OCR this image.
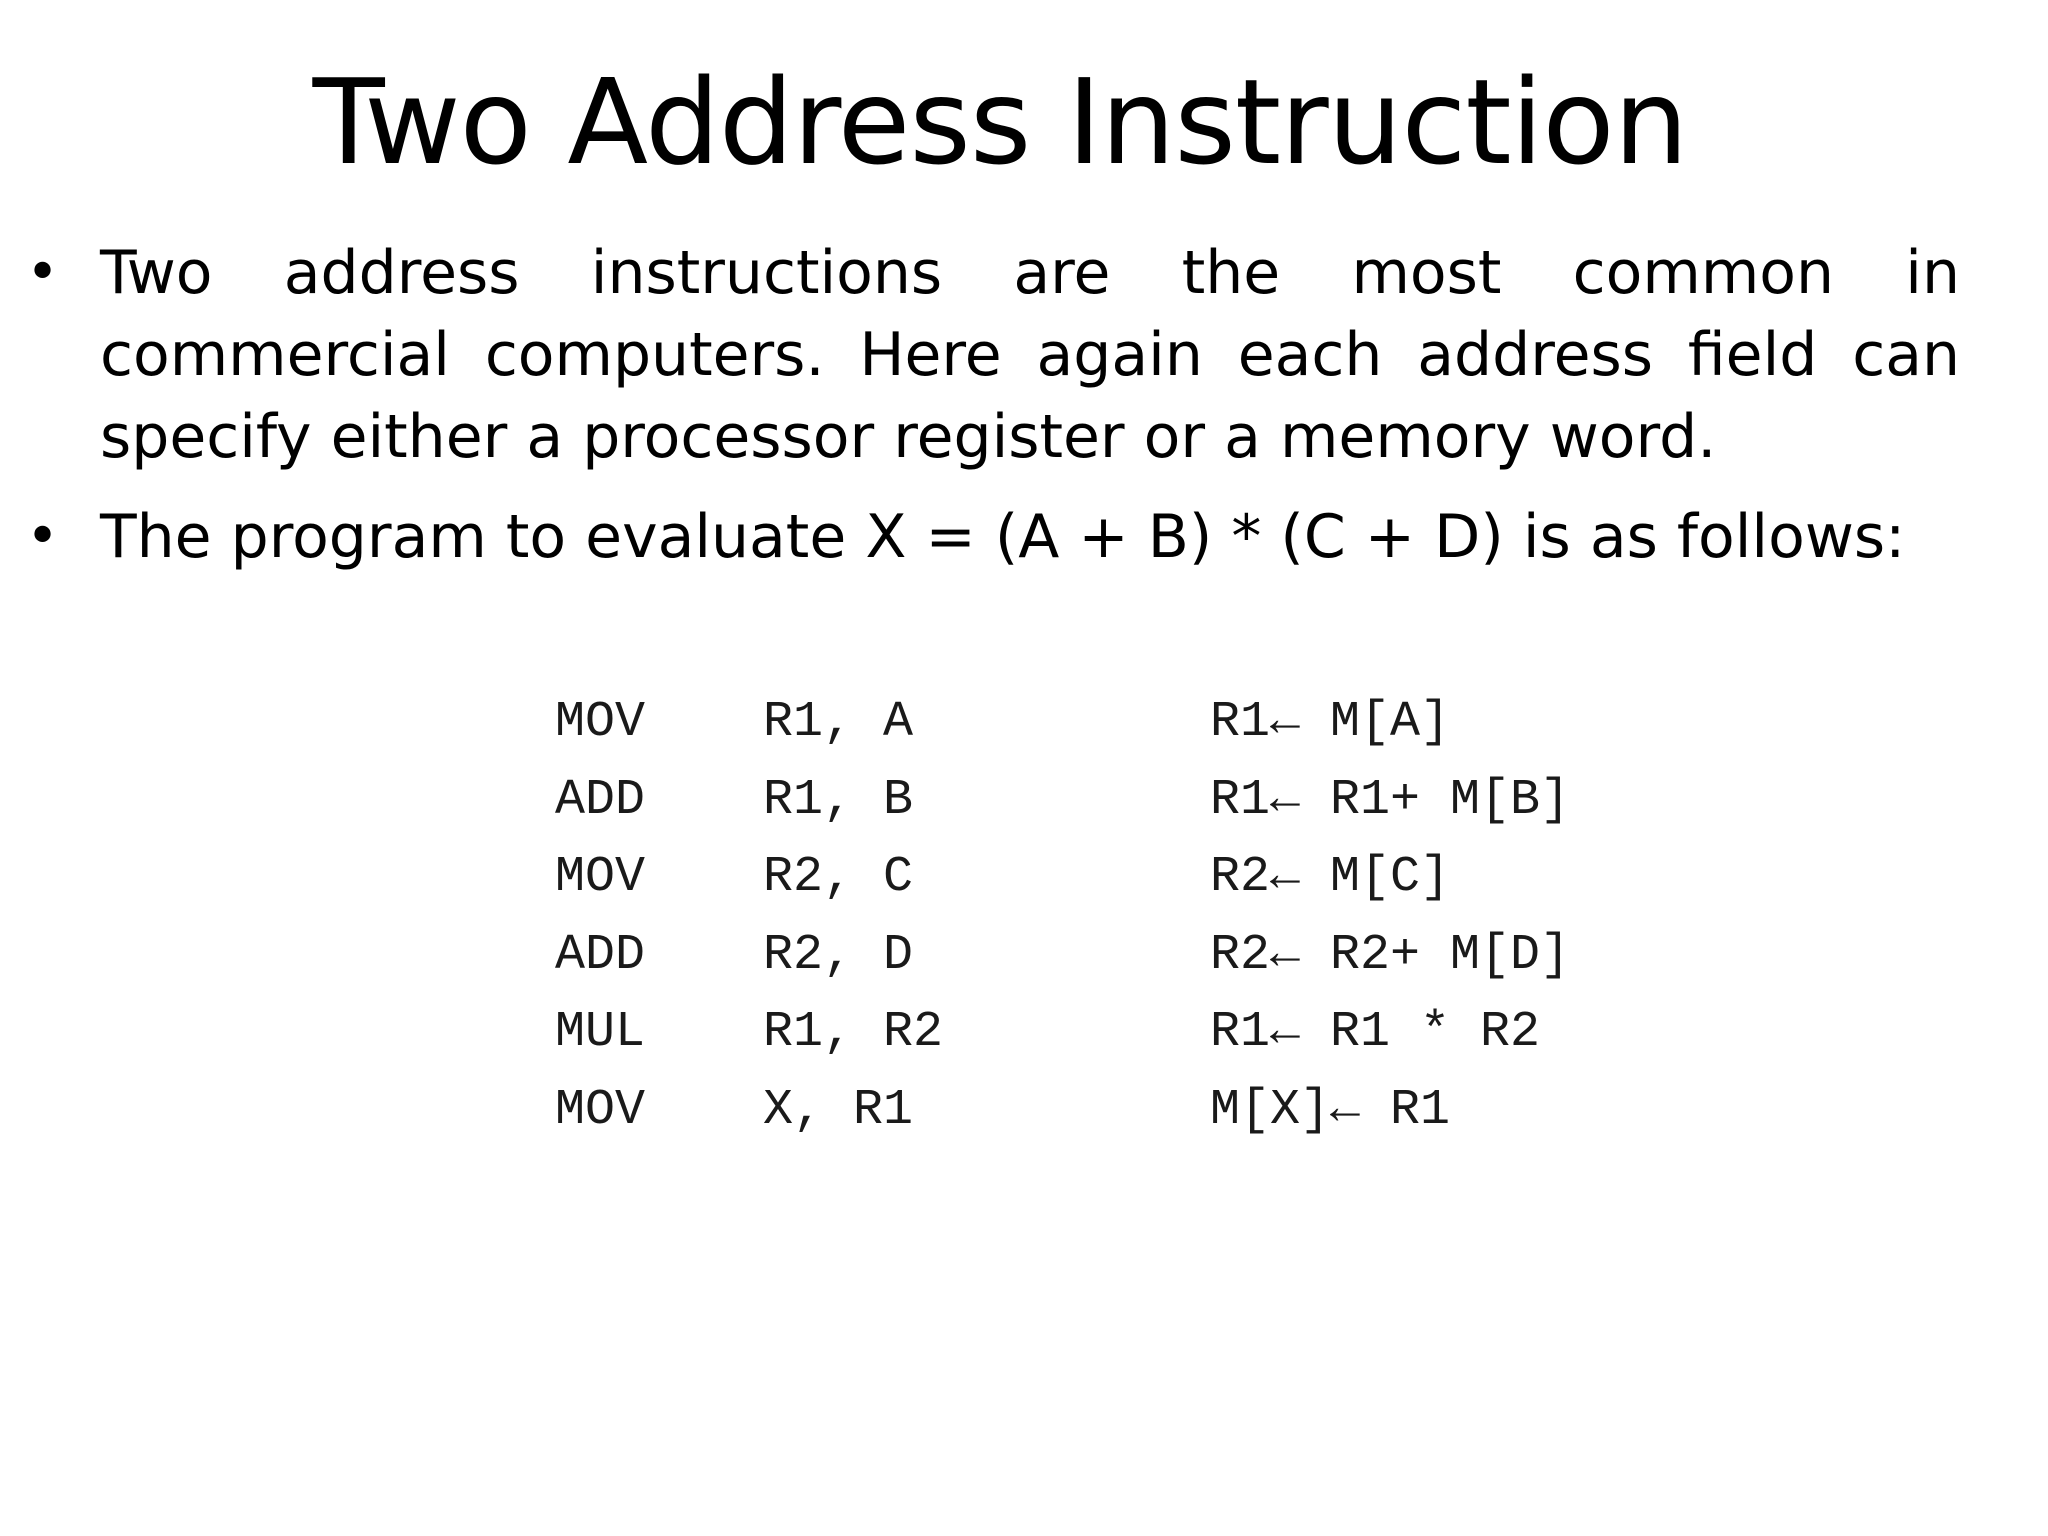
Two Address Instruction
• Two address instructions are the most common in commercial computers. Here again each address field can specify either a processor register or a memory word.
• The program to evaluate X = (A + B) * (C + D) is as follows:
MOV R1, A	R1← M[A]
ADD R1, B	R1← R1+ M[B]
MOV R2, C	R2← M[C]
ADD R2, D	R2← R2+ M[D]
MUL R1, R2	R1← R1 * R2
MOV X, R1	M[X]← R1
